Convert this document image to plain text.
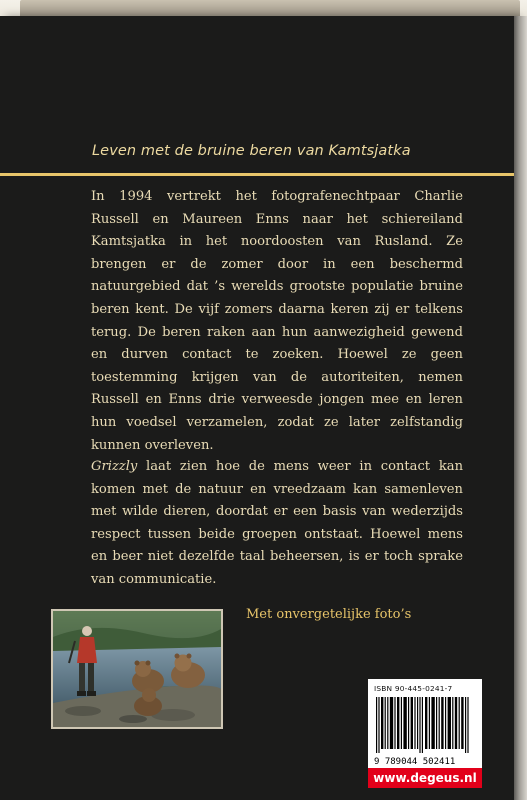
Leven met de bruine beren van Kamtsjatka

In 1994 vertrekt het fotografenechtpaar Charlie Russell en Maureen Enns naar het schiereiland Kamtsjatka in het noordoosten van Rusland. Ze brengen er de zomer door in een beschermd natuurgebied dat ’s werelds grootste populatie bruine beren kent. De vijf zomers daarna keren zij er telkens terug. De beren raken aan hun aanwezigheid gewend en durven contact te zoeken. Hoewel ze geen toestemming krijgen van de autoriteiten, nemen Russell en Enns drie verweesde jongen mee en leren hun voedsel verzamelen, zodat ze later zelfstandig kunnen overleven.

Grizzly laat zien hoe de mens weer in contact kan komen met de natuur en vreedzaam kan samenleven met wilde dieren, doordat er een basis van wederzijds respect tussen beide groepen ontstaat. Hoewel mens en beer niet dezelfde taal beheersen, is er toch sprake van communicatie.

Met onvergetelijke foto’s
ISBN 90-445-0241-7
9 789044 502411
www.degeus.nl
